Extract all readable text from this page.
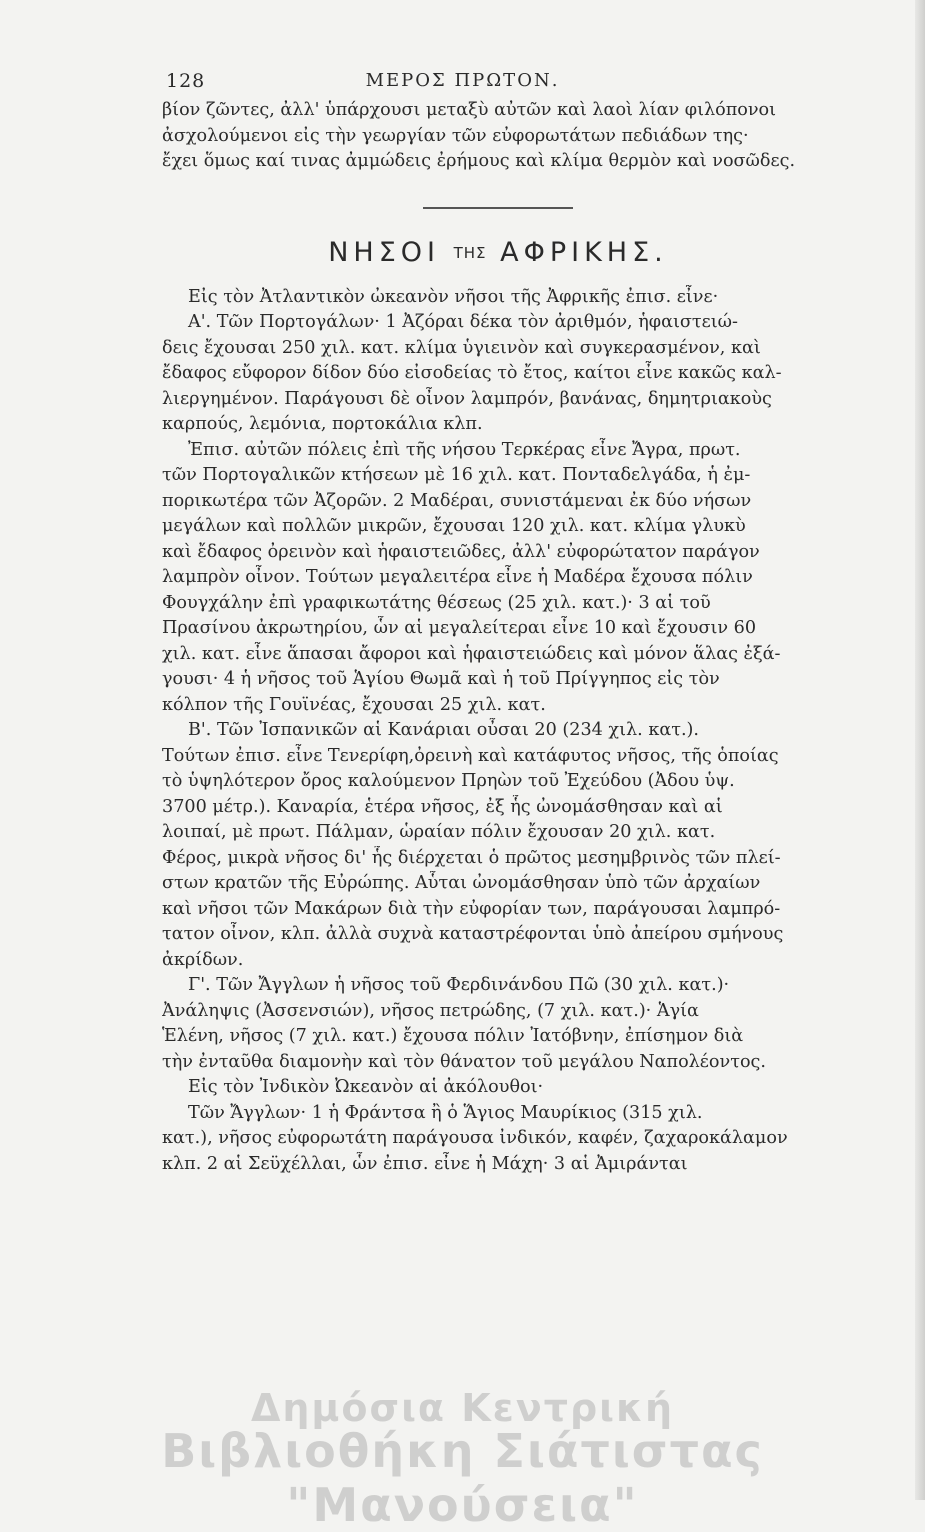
128	ΜΕΡΟΣ ΠΡΩΤΟΝ.
βίον ζῶντες, ἀλλ' ὑπάρχουσι μεταξὺ αὐτῶν καὶ λαοὶ λίαν φιλόπονοι
ἀσχολούμενοι εἰς τὴν γεωργίαν τῶν εὐφορωτάτων πεδιάδων της·
ἔχει ὅμως καί τινας ἀμμώδεις ἐρήμους καὶ κλίμα θερμὸν καὶ νοσῶδες.
ΝΗΣΟΙ $^{TH\Sigma}$ ΑΦΡΙΚΗΣ.
Εἰς τὸν Ἀτλαντικὸν ὠκεανὸν νῆσοι τῆς Ἀφρικῆς ἐπισ. εἶνε·
Α'. Τῶν Πορτογάλων· 1 Ἀζόραι δέκα τὸν ἀριθμόν, ἡφαιστειώ-
δεις ἔχουσαι 250 χιλ. κατ. κλίμα ὑγιεινὸν καὶ συγκερασμένον, καὶ
ἔδαφος εὔφορον δίδον δύο εἰσοδείας τὸ ἔτος, καίτοι εἶνε κακῶς καλ-
λιεργημένον. Παράγουσι δὲ οἶνον λαμπρόν, βανάνας, δημητριακοὺς
καρπούς, λεμόνια, πορτοκάλια κλπ.
Ἐπισ. αὐτῶν πόλεις ἐπὶ τῆς νήσου Τερκέρας εἶνε Ἄγρα, πρωτ.
τῶν Πορτογαλικῶν κτήσεων μὲ 16 χιλ. κατ. Πονταδελγάδα, ἡ ἐμ-
πορικωτέρα τῶν Ἀζορῶν. 2 Μαδέραι, συνιστάμεναι ἐκ δύο νήσων
μεγάλων καὶ πολλῶν μικρῶν, ἔχουσαι 120 χιλ. κατ. κλίμα γλυκὺ
καὶ ἔδαφος ὀρεινὸν καὶ ἡφαιστειῶδες, ἀλλ' εὐφορώτατον παράγον
λαμπρὸν οἶνον. Τούτων μεγαλειτέρα εἶνε ἡ Μαδέρα ἔχουσα πόλιν
Φουγχάλην ἐπὶ γραφικωτάτης θέσεως (25 χιλ. κατ.)· 3 αἱ τοῦ
Πρασίνου ἀκρωτηρίου, ὧν αἱ μεγαλείτεραι εἶνε 10 καὶ ἔχουσιν 60
χιλ. κατ. εἶνε ἅπασαι ἄφοροι καὶ ἡφαιστειώδεις καὶ μόνον ἅλας ἐξά-
γουσι· 4 ἡ νῆσος τοῦ Ἁγίου Θωμᾶ καὶ ἡ τοῦ Πρίγγηπος εἰς τὸν
κόλπον τῆς Γουϊνέας, ἔχουσαι 25 χιλ. κατ.
Β'. Τῶν Ἰσπανικῶν αἱ Κανάριαι οὖσαι 20 (234 χιλ. κατ.).
Τούτων ἐπισ. εἶνε Τενερίφη,ὀρεινὴ καὶ κατάφυτος νῆσος, τῆς ὁποίας
τὸ ὑψηλότερον ὄρος καλούμενον Πρηὼν τοῦ Ἐχεύδου (Ἀδου ὑψ.
3700 μέτρ.). Καναρία, ἑτέρα νῆσος, ἐξ ἧς ὠνομάσθησαν καὶ αἱ
λοιπαί, μὲ πρωτ. Πάλμαν, ὡραίαν πόλιν ἔχουσαν 20 χιλ. κατ.
Φέρος, μικρὰ νῆσος δι' ἧς διέρχεται ὁ πρῶτος μεσημβρινὸς τῶν πλεί-
στων κρατῶν τῆς Εὐρώπης. Αὗται ὠνομάσθησαν ὑπὸ τῶν ἀρχαίων
καὶ νῆσοι τῶν Μακάρων διὰ τὴν εὐφορίαν των, παράγουσαι λαμπρό-
τατον οἶνον, κλπ. ἀλλὰ συχνὰ καταστρέφονται ὑπὸ ἀπείρου σμήνους
ἀκρίδων.
Γ'. Τῶν Ἄγγλων ἡ νῆσος τοῦ Φερδινάνδου Πῶ (30 χιλ. κατ.)·
Ἀνάληψις (Ἀσσενσιών), νῆσος πετρώδης, (7 χιλ. κατ.)· Ἁγία
Ἑλένη, νῆσος (7 χιλ. κατ.) ἔχουσα πόλιν Ἰατόβνην, ἐπίσημον διὰ
τὴν ἐνταῦθα διαμονὴν καὶ τὸν θάνατον τοῦ μεγάλου Ναπολέοντος.
Εἰς τὸν Ἰνδικὸν Ὠκεανὸν αἱ ἀκόλουθοι·
Τῶν Ἄγγλων· 1 ἡ Φράντσα ἢ ὁ Ἅγιος Μαυρίκιος (315 χιλ.
κατ.), νῆσος εὐφορωτάτη παράγουσα ἰνδικόν, καφέν, ζαχαροκάλαμον
κλπ. 2 αἱ Σεϋχέλλαι, ὧν ἐπισ. εἶνε ἡ Μάχη· 3 αἱ Ἀμιράνται
Δημόσια Κεντρική
Βιβλιοθήκη Σιάτιστας "Μανούσεια"
